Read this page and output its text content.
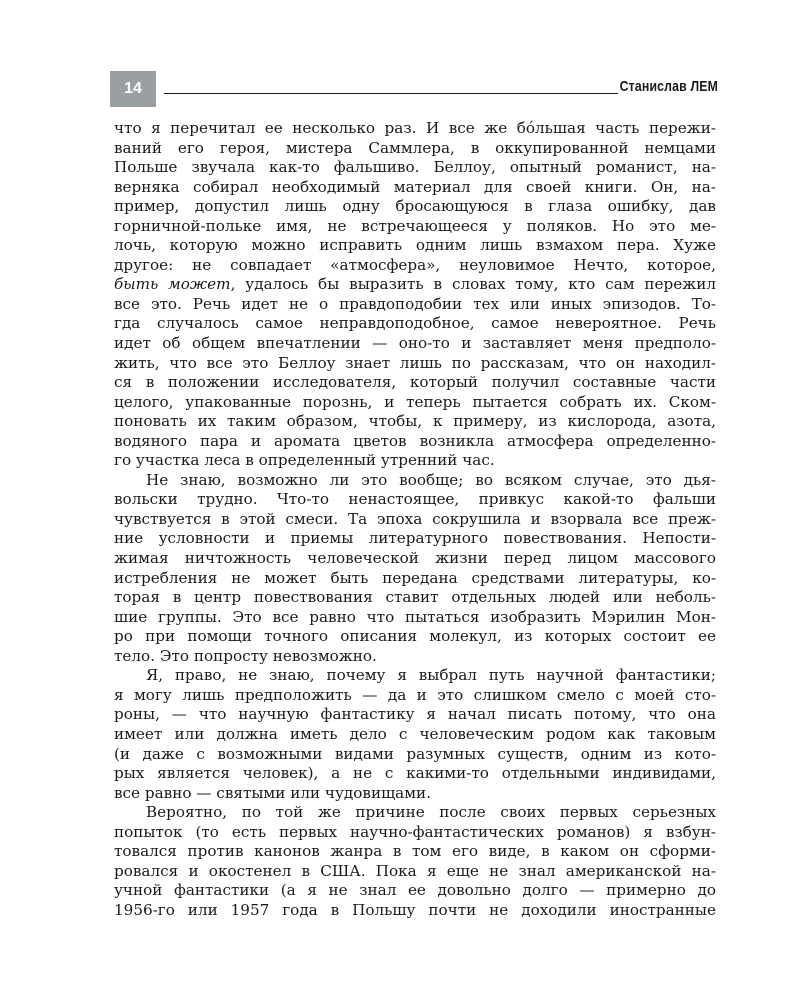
14	Станислав ЛЕМ
что я перечитал ее несколько раз. И все же бóльшая часть пережи-
ваний его героя, мистера Саммлера, в оккупированной немцами
Польше звучала как-то фальшиво. Беллоу, опытный романист, на-
верняка собирал необходимый материал для своей книги. Он, на-
пример, допустил лишь одну бросающуюся в глаза ошибку, дав
горничной-польке имя, не встречающееся у поляков. Но это ме-
лочь, которую можно исправить одним лишь взмахом пера. Хуже
другое: не совпадает «атмосфера», неуловимое Нечто, которое,
быть может, удалось бы выразить в словах тому, кто сам пережил
все это. Речь идет не о правдоподобии тех или иных эпизодов. То-
гда случалось самое неправдоподобное, самое невероятное. Речь
идет об общем впечатлении — оно-то и заставляет меня предполо-
жить, что все это Беллоу знает лишь по рассказам, что он находил-
ся в положении исследователя, который получил составные части
целого, упакованные порознь, и теперь пытается собрать их. Ском-
поновать их таким образом, чтобы, к примеру, из кислорода, азота,
водяного пара и аромата цветов возникла атмосфера определенно-
го участка леса в определенный утренний час.
Не знаю, возможно ли это вообще; во всяком случае, это дья-
вольски трудно. Что-то ненастоящее, привкус какой-то фальши
чувствуется в этой смеси. Та эпоха сокрушила и взорвала все преж-
ние условности и приемы литературного повествования. Непости-
жимая ничтожность человеческой жизни перед лицом массового
истребления не может быть передана средствами литературы, ко-
торая в центр повествования ставит отдельных людей или неболь-
шие группы. Это все равно что пытаться изобразить Мэрилин Мон-
ро при помощи точного описания молекул, из которых состоит ее
тело. Это попросту невозможно.
Я, право, не знаю, почему я выбрал путь научной фантастики;
я могу лишь предположить — да и это слишком смело с моей сто-
роны, — что научную фантастику я начал писать потому, что она
имеет или должна иметь дело с человеческим родом как таковым
(и даже с возможными видами разумных существ, одним из кото-
рых является человек), а не с какими-то отдельными индивидами,
все равно — святыми или чудовищами.
Вероятно, по той же причине после своих первых серьезных
попыток (то есть первых научно-фантастических романов) я взбун-
товался против канонов жанра в том его виде, в каком он сформи-
ровался и окостенел в США. Пока я еще не знал американской на-
учной фантастики (а я не знал ее довольно долго — примерно до
1956-го или 1957 года в Польшу почти не доходили иностранные
